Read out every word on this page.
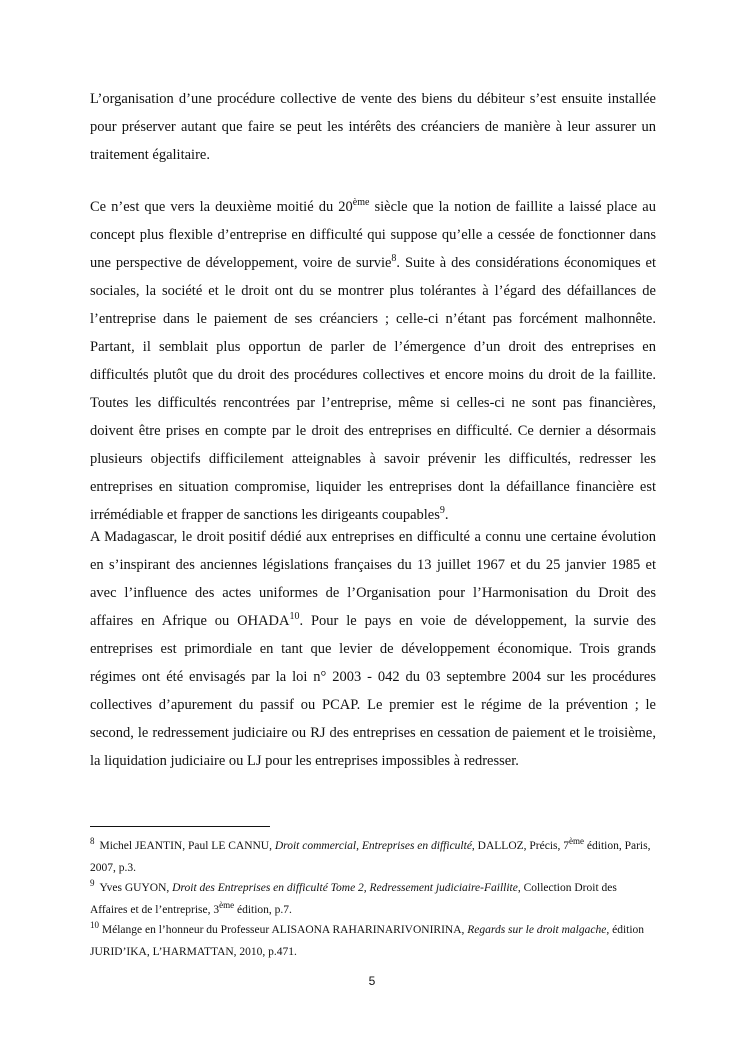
L’organisation d’une procédure collective de vente des biens du débiteur s’est ensuite installée pour préserver autant que faire se peut les intérêts des créanciers de manière à leur assurer un traitement égalitaire.

Ce n’est que vers la deuxième moitié du 20ème siècle que la notion de faillite a laissé place au concept plus flexible d’entreprise en difficulté qui suppose qu’elle a cessée de fonctionner dans une perspective de développement, voire de survie$^8$. Suite à des considérations économiques et sociales, la société et le droit ont du se montrer plus tolérantes à l’égard des défaillances de l’entreprise dans le paiement de ses créanciers ; celle-ci n’étant pas forcément malhonnête. Partant, il semblait plus opportun de parler de l’émergence d’un droit des entreprises en difficultés plutôt que du droit des procédures collectives et encore moins du droit de la faillite. Toutes les difficultés rencontrées par l’entreprise, même si celles-ci ne sont pas financières, doivent être prises en compte par le droit des entreprises en difficulté. Ce dernier a désormais plusieurs objectifs difficilement atteignables à savoir prévenir les difficultés, redresser les entreprises en situation compromise, liquider les entreprises dont la défaillance financière est irrémédiable et frapper de sanctions les dirigeants coupables$^9$.

A Madagascar, le droit positif dédié aux entreprises en difficulté a connu une certaine évolution en s’inspirant des anciennes législations françaises du 13 juillet 1967 et du 25 janvier 1985 et avec l’influence des actes uniformes de l’Organisation pour l’Harmonisation du Droit des affaires en Afrique ou OHADA$^{10}$. Pour le pays en voie de développement, la survie des entreprises est primordiale en tant que levier de développement économique. Trois grands régimes ont été envisagés par la loi n° 2003 - 042 du 03 septembre 2004 sur les procédures collectives d’apurement du passif ou PCAP. Le premier est le régime de la prévention ; le second, le redressement judiciaire ou RJ des entreprises en cessation de paiement et le troisième, la liquidation judiciaire ou LJ pour les entreprises impossibles à redresser.

$^8$ Michel JEANTIN, Paul LE CANNU, Droit commercial, Entreprises en difficulté, DALLOZ, Précis, 7ème édition, Paris, 2007, p.3.

$^9$ Yves GUYON, Droit des Entreprises en difficulté Tome 2, Redressement judiciaire-Faillite, Collection Droit des Affaires et de l’entreprise, 3ème édition, p.7.

$^{10}$ Mélange en l’honneur du Professeur ALISAONA RAHARINARIVONIRINA, Regards sur le droit malgache, édition JURID’IKA, L’HARMATTAN, 2010, p.471.

5
